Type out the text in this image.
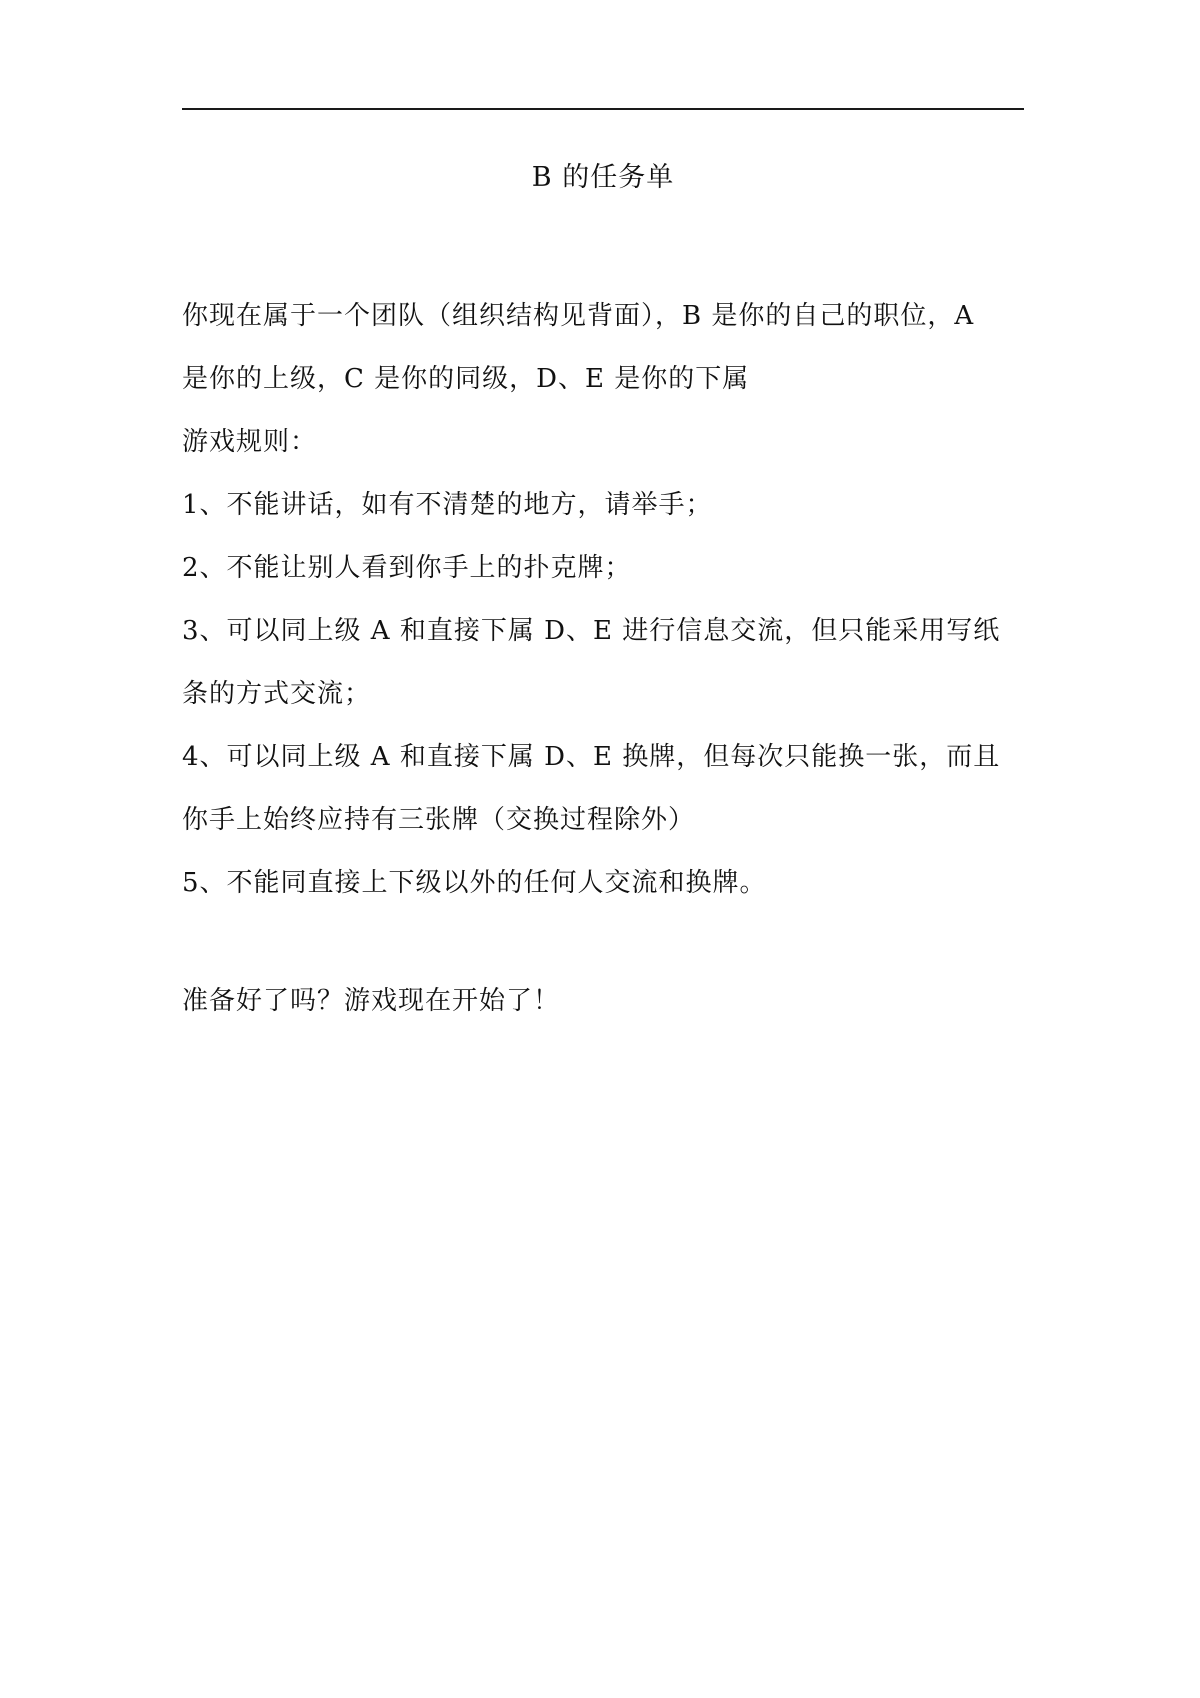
B 的任务单

你现在属于一个团队（组织结构见背面），B 是你的自己的职位，A

是你的上级，C 是你的同级，D、E 是你的下属

游戏规则：

1、不能讲话，如有不清楚的地方，请举手；

2、不能让别人看到你手上的扑克牌；

3、可以同上级 A 和直接下属 D、E 进行信息交流，但只能采用写纸

条的方式交流；

4、可以同上级 A 和直接下属 D、E 换牌，但每次只能换一张，而且

你手上始终应持有三张牌（交换过程除外）

5、不能同直接上下级以外的任何人交流和换牌。

准备好了吗？游戏现在开始了！
